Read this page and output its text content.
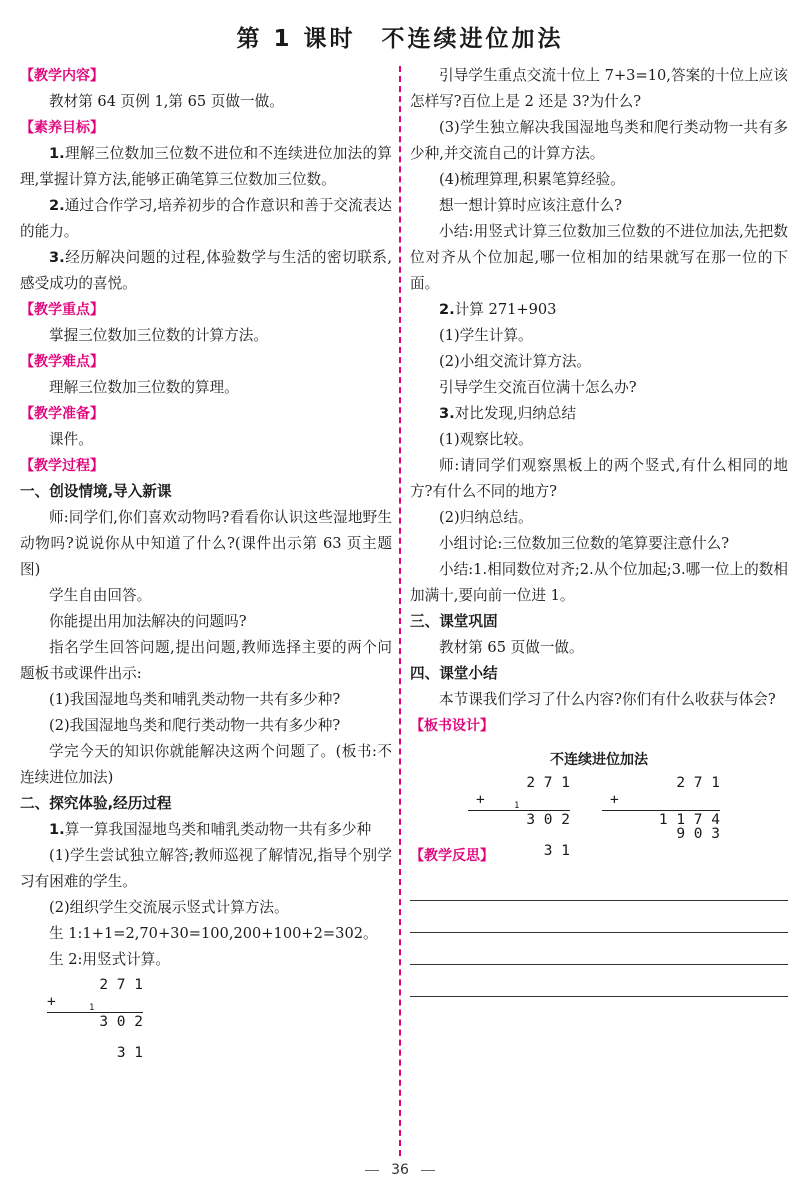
第 1 课时 不连续进位加法
【教学内容】

教材第 64 页例 1,第 65 页做一做。

【素养目标】

1.理解三位数加三位数不进位和不连续进位加法的算理,掌握计算方法,能够正确笔算三位数加三位数。

2.通过合作学习,培养初步的合作意识和善于交流表达的能力。

3.经历解决问题的过程,体验数学与生活的密切联系,感受成功的喜悦。

【教学重点】

掌握三位数加三位数的计算方法。

【教学难点】

理解三位数加三位数的算理。

【教学准备】

课件。

【教学过程】
一、创设情境,导入新课

师:同学们,你们喜欢动物吗?看看你认识这些湿地野生动物吗?说说你从中知道了什么?(课件出示第 63 页主题图)

学生自由回答。

你能提出用加法解决的问题吗?

指名学生回答问题,提出问题,教师选择主要的两个问题板书或课件出示:

(1)我国湿地鸟类和哺乳类动物一共有多少种?

(2)我国湿地鸟类和爬行类动物一共有多少种?

学完今天的知识你就能解决这两个问题了。(板书:不连续进位加法)

二、探究体验,经历过程

1.算一算我国湿地鸟类和哺乳类动物一共有多少种

(1)学生尝试独立解答;教师巡视了解情况,指导个别学习有困难的学生。

(2)组织学生交流展示竖式计算方法。

生 1:1+1=2,70+30=100,200+100+2=302。

生 2:用竖式计算。

2 7 1

+

	1

3 1

3 0 2

引导学生重点交流十位上 7+3=10,答案的十位上应该怎样写?百位上是 2 还是 3?为什么?

(3)学生独立解决我国湿地鸟类和爬行类动物一共有多少种,并交流自己的计算方法。

(4)梳理算理,积累笔算经验。

想一想计算时应该注意什么?

小结:用竖式计算三位数加三位数的不进位加法,先把数位对齐从个位加起,哪一位相加的结果就写在那一位的下面。

2.计算 271+903

(1)学生计算。

(2)小组交流计算方法。

引导学生交流百位满十怎么办?

3.对比发现,归纳总结

(1)观察比较。

师:请同学们观察黑板上的两个竖式,有什么相同的地方?有什么不同的地方?

(2)归纳总结。

小组讨论:三位数加三位数的笔算要注意什么?

小结:1.相同数位对齐;2.从个位加起;3.哪一位上的数相加满十,要向前一位进 1。

三、课堂巩固

教材第 65 页做一做。

四、课堂小结

本节课我们学习了什么内容?你们有什么收获与体会?

【板书设计】
不连续进位加法
2 7 1

+

	1

3 1

3 0 2
2 7 1

+

9 0 3

1 1 7 4
【教学反思】
36
